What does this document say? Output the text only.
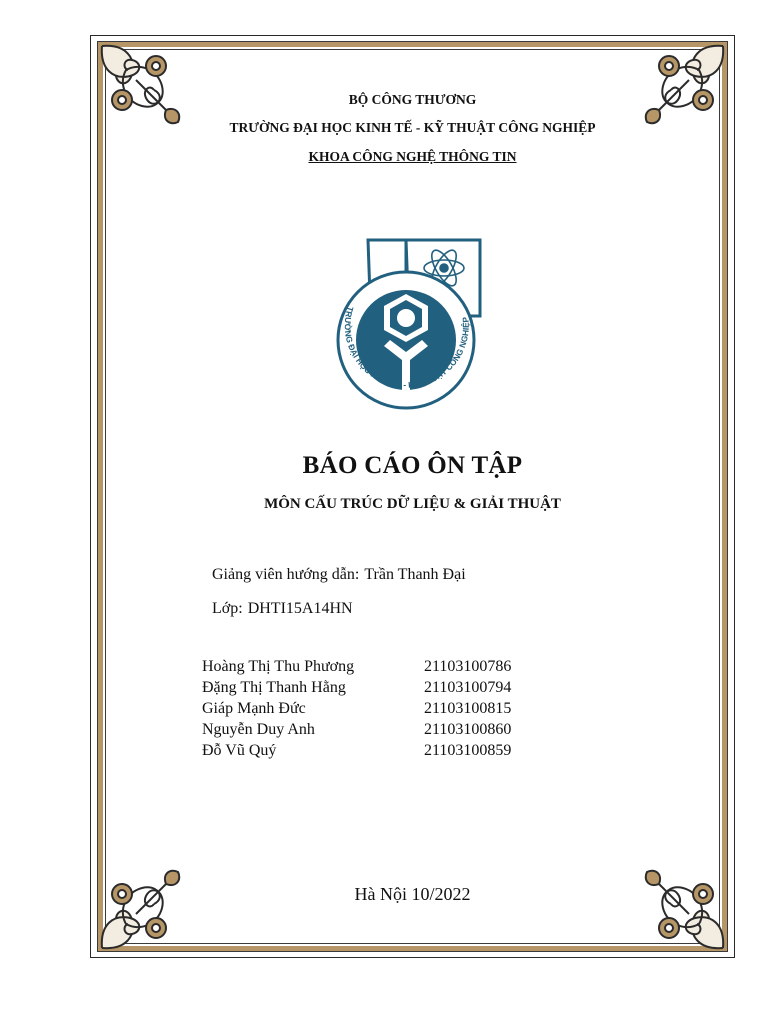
BỘ CÔNG THƯƠNG
TRƯỜNG ĐẠI HỌC KINH TẾ - KỸ THUẬT CÔNG NGHIỆP
KHOA CÔNG NGHỆ THÔNG TIN
TRƯỜNG ĐẠI HỌC KINH TẾ - KỸ THUẬT CÔNG NGHIỆP
BÁO CÁO ÔN TẬP
MÔN CẤU TRÚC DỮ LIỆU & GIẢI THUẬT
Giảng viên hướng dẫn: Trần Thanh Đại
Lớp: DHTI15A14HN
Hoàng Thị Thu Phương	21103100786
Đặng Thị Thanh Hằng	21103100794
Giáp Mạnh Đức	21103100815
Nguyễn Duy Anh	21103100860
Đỗ Vũ Quý	21103100859
Hà Nội 10/2022
